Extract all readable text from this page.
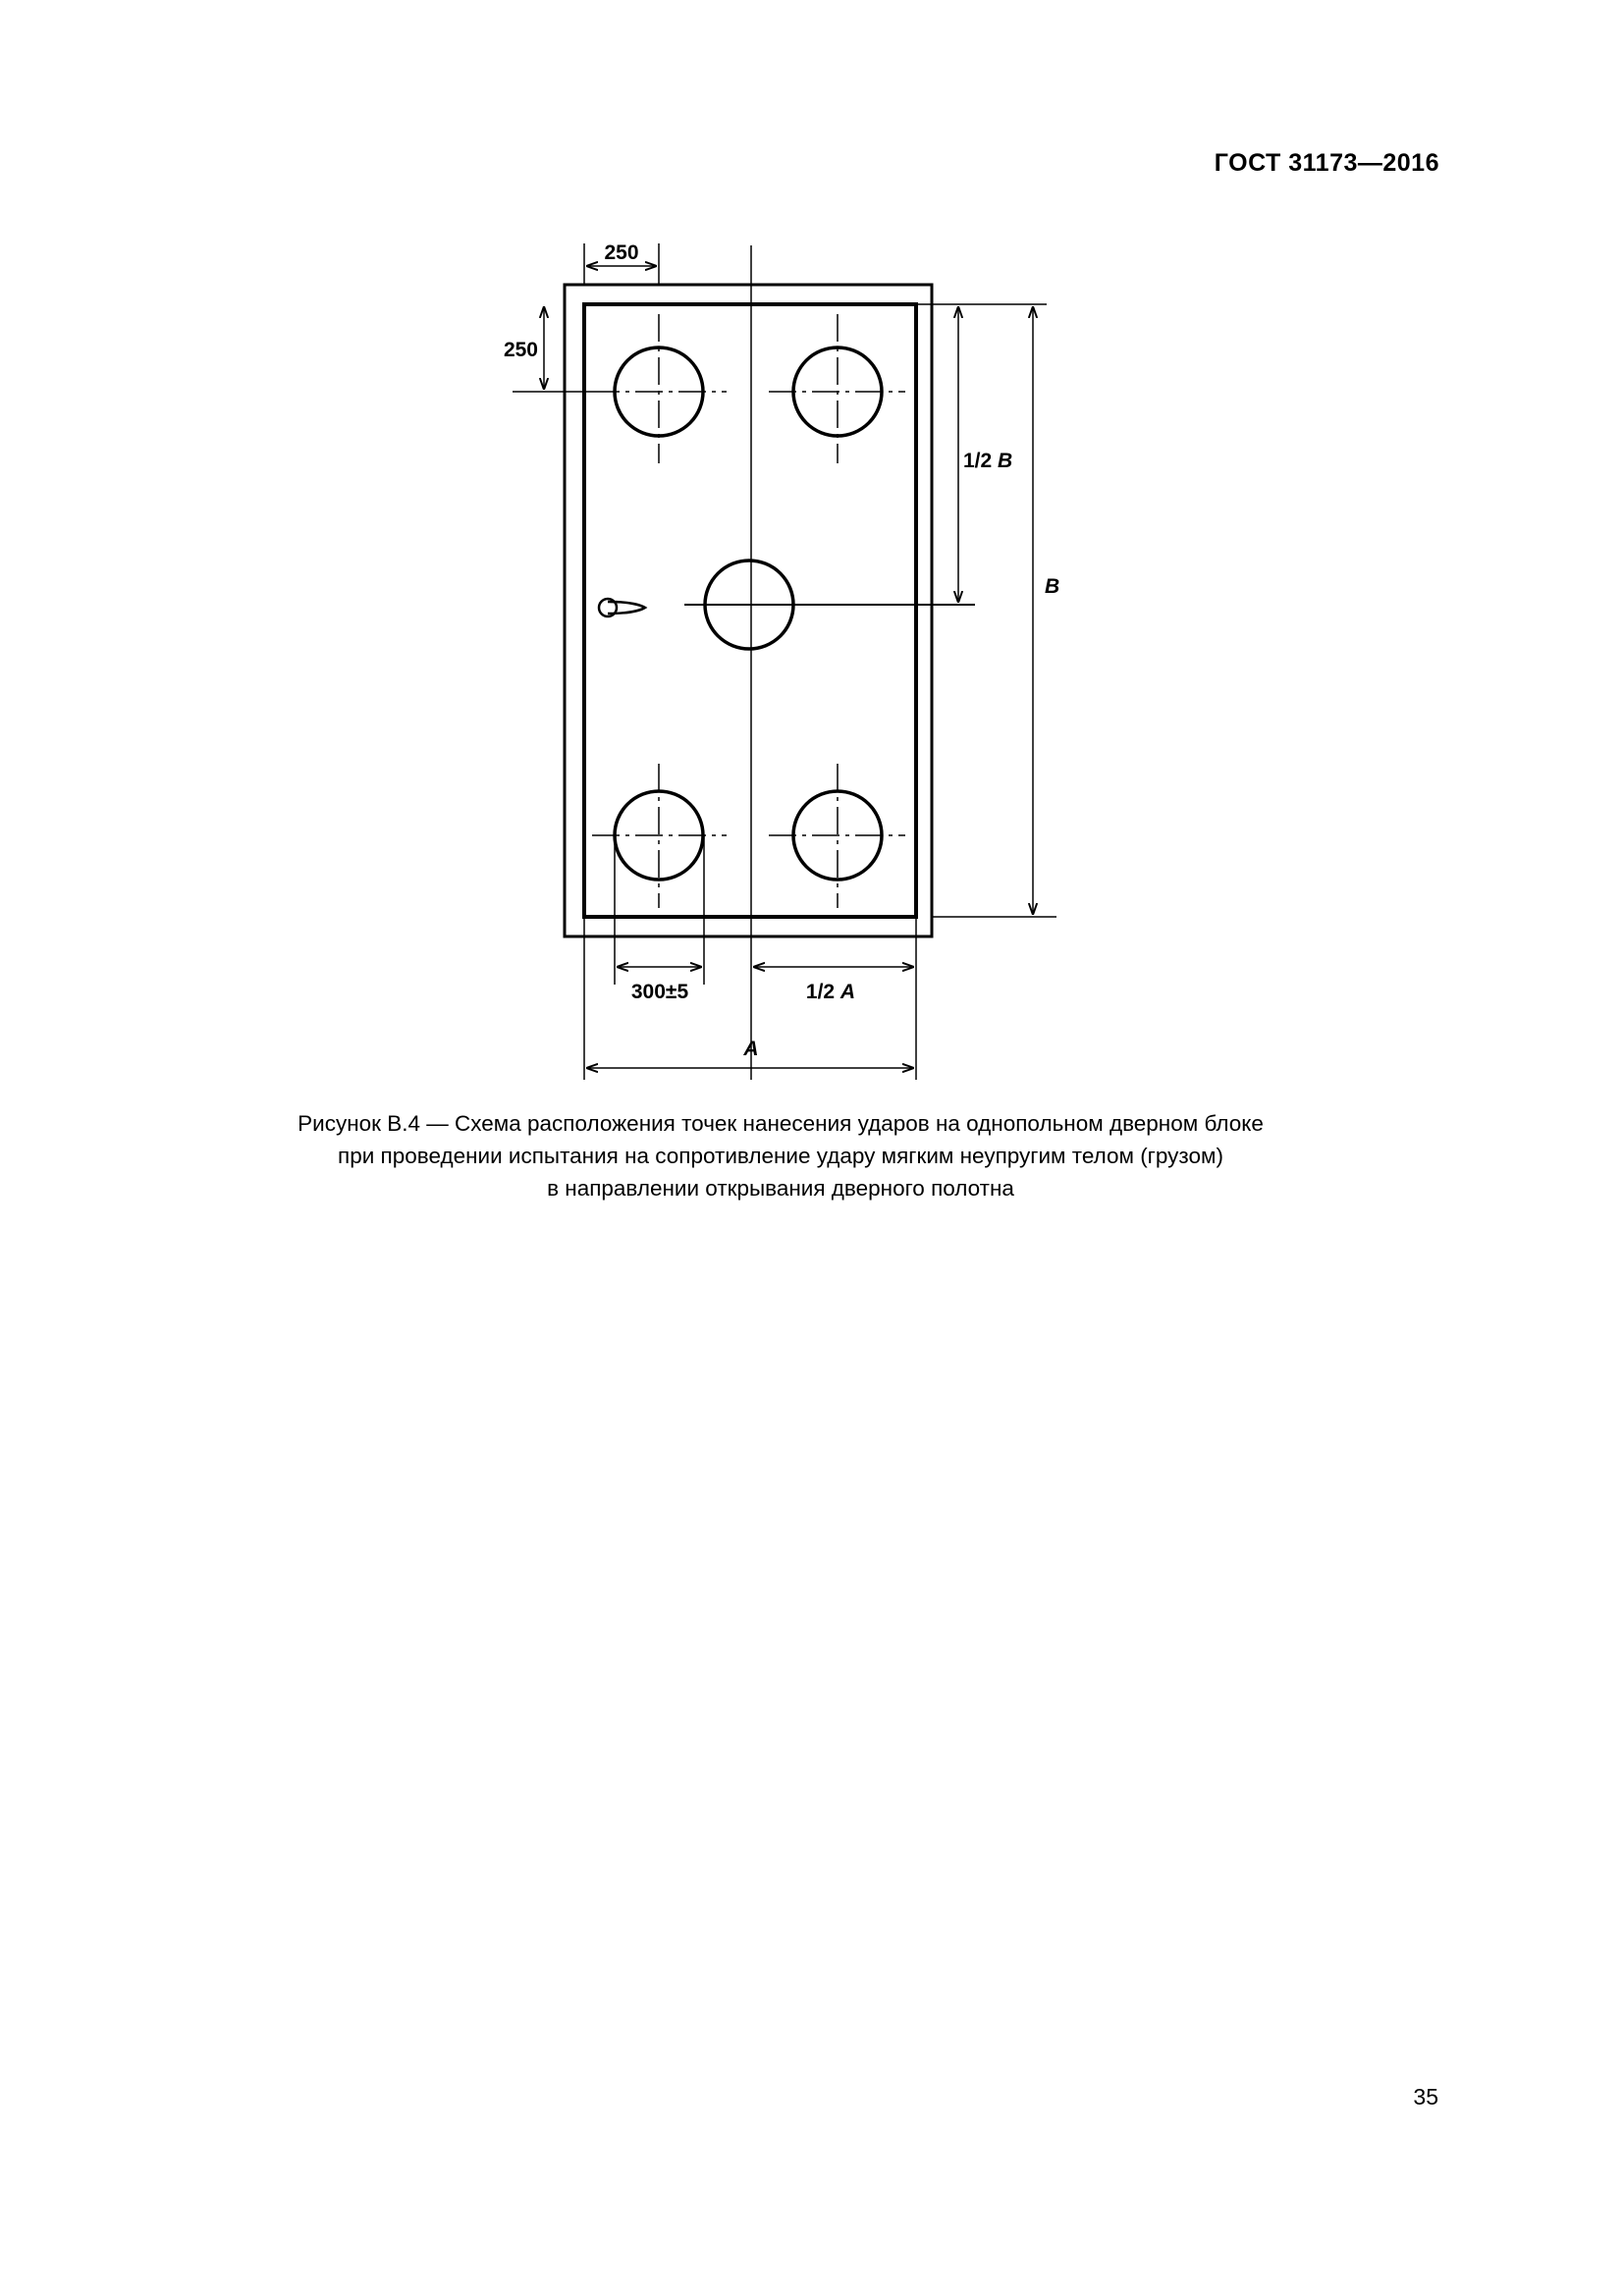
ГОСТ 31173—2016
250
250
1/2 B
B
300±5	1/2 A
A
Рисунок В.4 — Схема расположения точек нанесения ударов на однопольном дверном блоке
при проведении испытания на сопротивление удару мягким неупругим телом (грузом)
в направлении открывания дверного полотна
35
